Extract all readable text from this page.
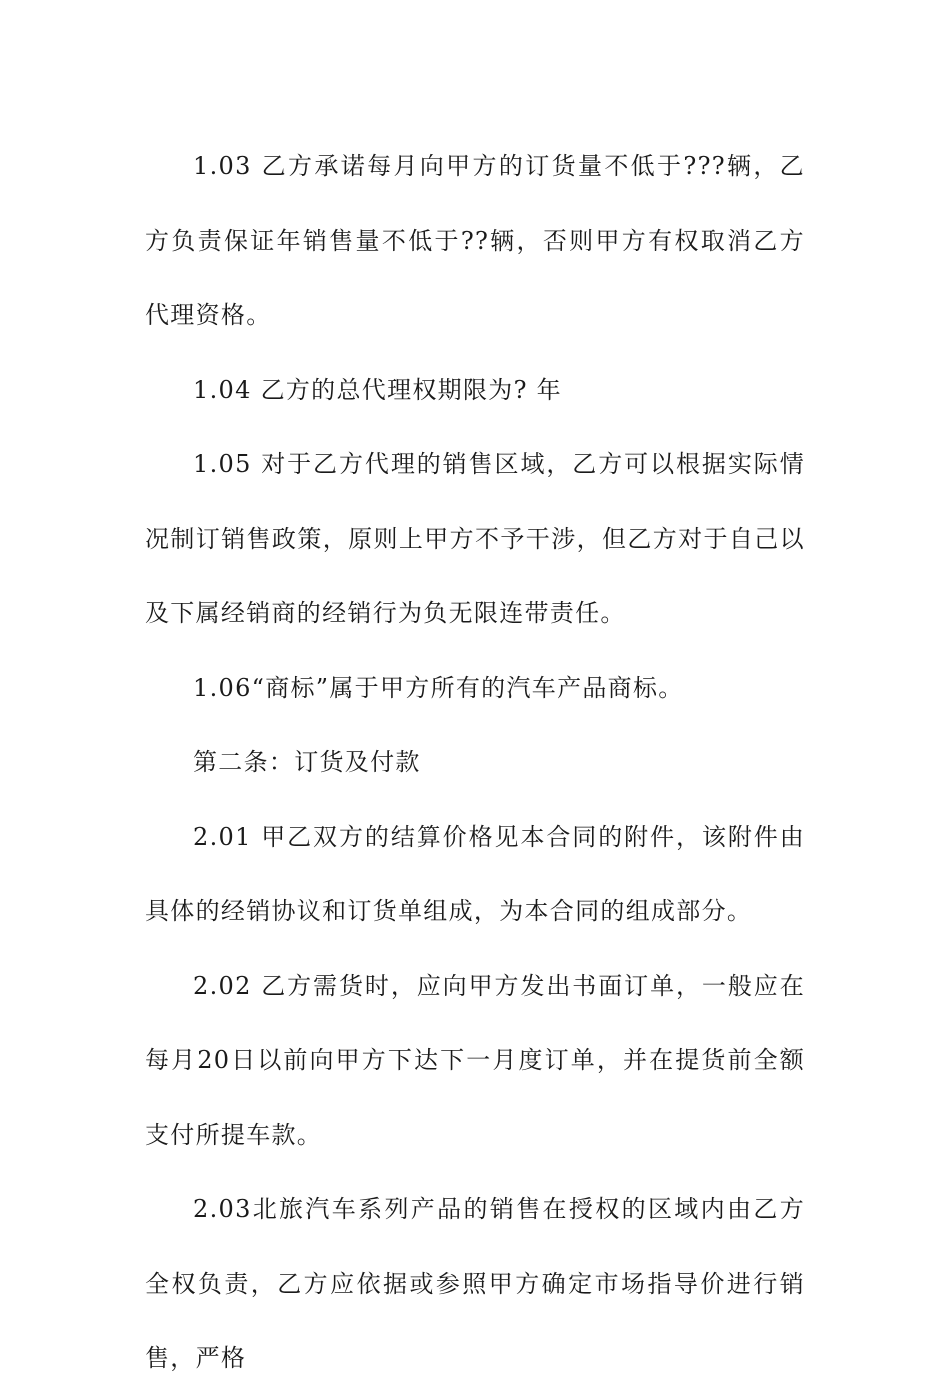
1.03 乙方承诺每月向甲方的订货量不低于???辆，乙方负责保证年销售量不低于??辆，否则甲方有权取消乙方代理资格。

1.04 乙方的总代理权期限为? 年

1.05 对于乙方代理的销售区域，乙方可以根据实际情况制订销售政策，原则上甲方不予干涉，但乙方对于自己以及下属经销商的经销行为负无限连带责任。

1.06“商标”属于甲方所有的汽车产品商标。

第二条：订货及付款

2.01 甲乙双方的结算价格见本合同的附件，该附件由具体的经销协议和订货单组成，为本合同的组成部分。

2.02 乙方需货时，应向甲方发出书面订单，一般应在每月20日以前向甲方下达下一月度订单，并在提货前全额支付所提车款。

2.03北旅汽车系列产品的销售在授权的区域内由乙方全权负责，乙方应依据或参照甲方确定市场指导价进行销售，严格
